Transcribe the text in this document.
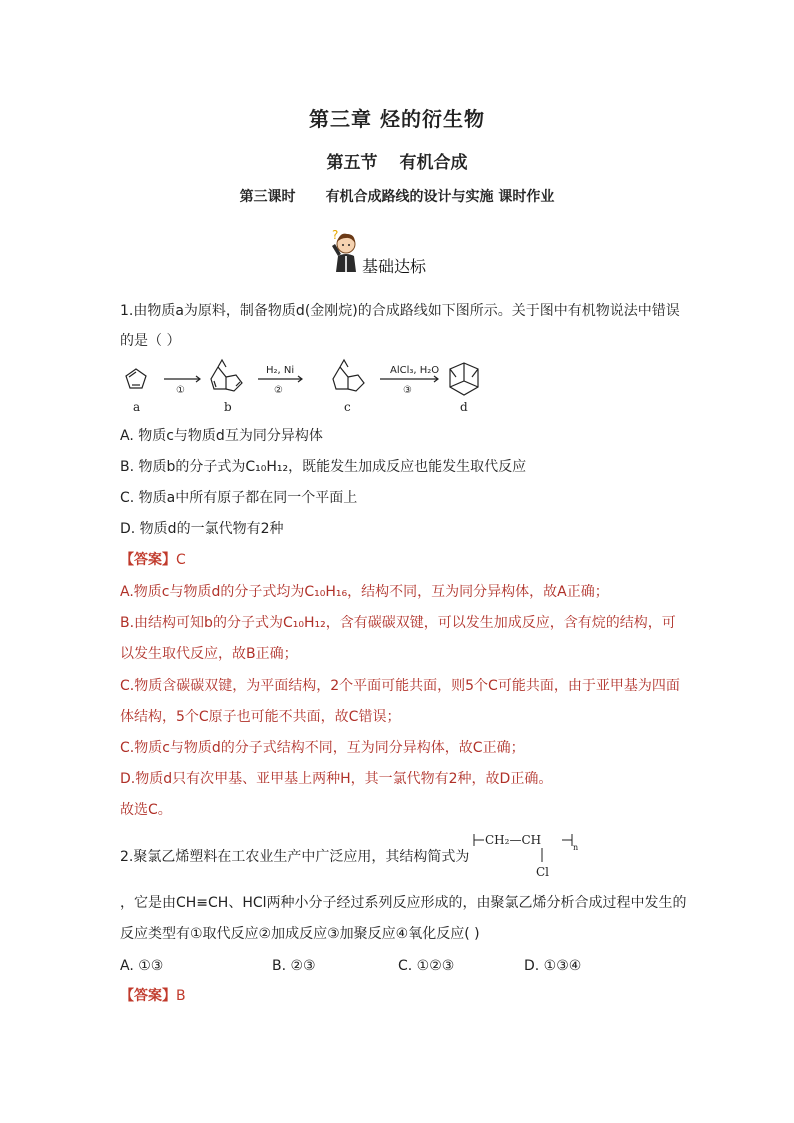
第三章 烃的衍生物
第五节 有机合成
第三课时 有机合成路线的设计与实施 课时作业
?
基础达标
1.由物质a为原料，制备物质d(金刚烷)的合成路线如下图所示。关于图中有机物说法中错误
的是（ ）
a	b	c	d
①
H₂, Ni
②
AlCl₃, H₂O
③
A. 物质c与物质d互为同分异构体
B. 物质b的分子式为C₁₀H₁₂，既能发生加成反应也能发生取代反应
C. 物质a中所有原子都在同一个平面上
D. 物质d的一氯代物有2种
【答案】C
A.物质c与物质d的分子式均为C₁₀H₁₆，结构不同，互为同分异构体，故A正确；
B.由结构可知b的分子式为C₁₀H₁₂，含有碳碳双键，可以发生加成反应，含有烷的结构，可
以发生取代反应，故B正确；
C.物质含碳碳双键，为平面结构，2个平面可能共面，则5个C可能共面，由于亚甲基为四面
体结构，5个C原子也可能不共面，故C错误；
C.物质c与物质d的分子式结构不同，互为同分异构体，故C正确；
D.物质d只有次甲基、亚甲基上两种H，其一氯代物有2种，故D正确。
故选C。
2.聚氯乙烯塑料在工农业生产中广泛应用，其结构简式为
CH₂—CH
n
Cl
，它是由CH≡CH、HCl两种小分子经过系列反应形成的，由聚氯乙烯分析合成过程中发生的
反应类型有①取代反应②加成反应③加聚反应④氧化反应( )
A. ①③	B. ②③	C. ①②③	D. ①③④
【答案】B
